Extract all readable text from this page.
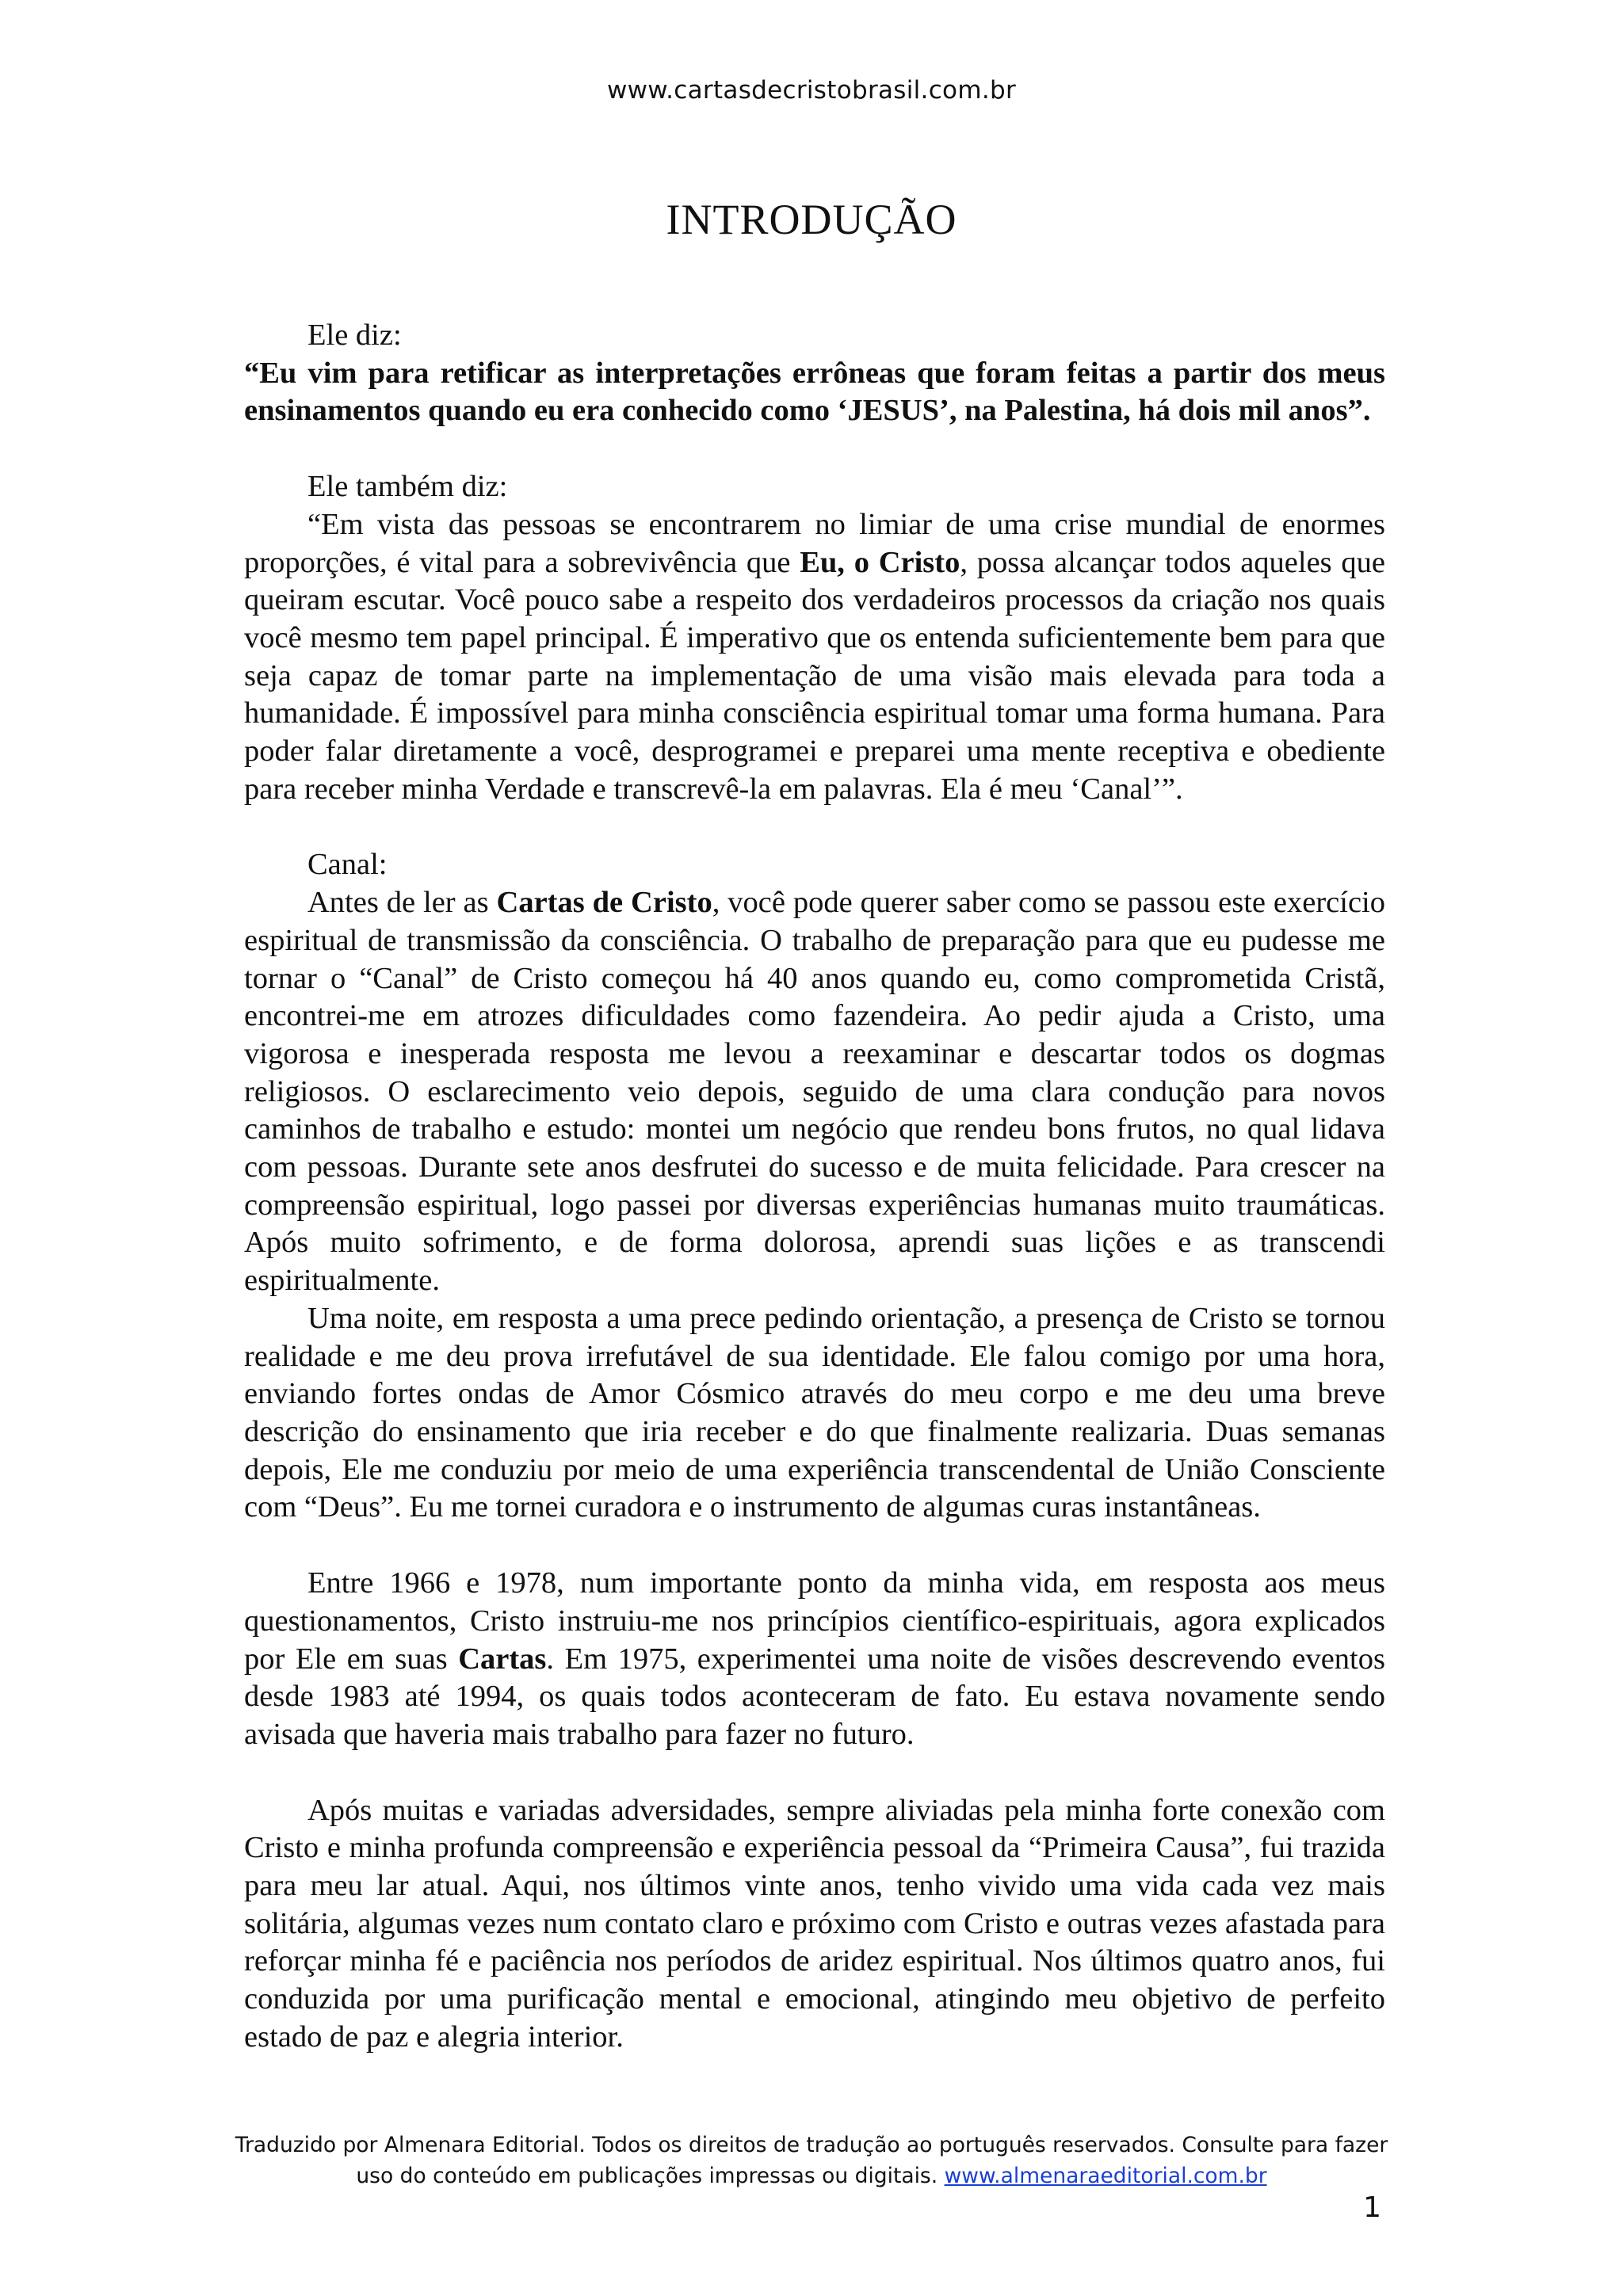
www.cartasdecristobrasil.com.br
INTRODUÇÃO

Ele diz:

“Eu vim para retificar as interpretações errôneas que foram feitas a partir dos meus ensinamentos quando eu era conhecido como ‘JESUS’, na Palestina, há dois mil anos”.

Ele também diz:

“Em vista das pessoas se encontrarem no limiar de uma crise mundial de enormes proporções, é vital para a sobrevivência que Eu, o Cristo, possa alcançar todos aqueles que queiram escutar. Você pouco sabe a respeito dos verdadeiros processos da criação nos quais você mesmo tem papel principal. É imperativo que os entenda suficientemente bem para que seja capaz de tomar parte na implementação de uma visão mais elevada para toda a humanidade. É impossível para minha consciência espiritual tomar uma forma humana. Para poder falar diretamente a você, desprogramei e preparei uma mente receptiva e obediente para receber minha Verdade e transcrevê-la em palavras. Ela é meu ‘Canal’”.

Canal:

Antes de ler as Cartas de Cristo, você pode querer saber como se passou este exercício espiritual de transmissão da consciência. O trabalho de preparação para que eu pudesse me tornar o “Canal” de Cristo começou há 40 anos quando eu, como comprometida Cristã, encontrei-me em atrozes dificuldades como fazendeira. Ao pedir ajuda a Cristo, uma vigorosa e inesperada resposta me levou a reexaminar e descartar todos os dogmas religiosos. O esclarecimento veio depois, seguido de uma clara condução para novos caminhos de trabalho e estudo: montei um negócio que rendeu bons frutos, no qual lidava com pessoas. Durante sete anos desfrutei do sucesso e de muita felicidade. Para crescer na compreensão espiritual, logo passei por diversas experiências humanas muito traumáticas. Após muito sofrimento, e de forma dolorosa, aprendi suas lições e as transcendi espiritualmente.

Uma noite, em resposta a uma prece pedindo orientação, a presença de Cristo se tornou realidade e me deu prova irrefutável de sua identidade. Ele falou comigo por uma hora, enviando fortes ondas de Amor Cósmico através do meu corpo e me deu uma breve descrição do ensinamento que iria receber e do que finalmente realizaria. Duas semanas depois, Ele me conduziu por meio de uma experiência transcendental de União Consciente com “Deus”. Eu me tornei curadora e o instrumento de algumas curas instantâneas.

Entre 1966 e 1978, num importante ponto da minha vida, em resposta aos meus questionamentos, Cristo instruiu-me nos princípios científico-espirituais, agora explicados por Ele em suas Cartas. Em 1975, experimentei uma noite de visões descrevendo eventos desde 1983 até 1994, os quais todos aconteceram de fato. Eu estava novamente sendo avisada que haveria mais trabalho para fazer no futuro.

Após muitas e variadas adversidades, sempre aliviadas pela minha forte conexão com Cristo e minha profunda compreensão e experiência pessoal da “Primeira Causa”, fui trazida para meu lar atual. Aqui, nos últimos vinte anos, tenho vivido uma vida cada vez mais solitária, algumas vezes num contato claro e próximo com Cristo e outras vezes afastada para reforçar minha fé e paciência nos períodos de aridez espiritual. Nos últimos quatro anos, fui conduzida por uma purificação mental e emocional, atingindo meu objetivo de perfeito estado de paz e alegria interior.

Traduzido por Almenara Editorial. Todos os direitos de tradução ao português reservados. Consulte para fazer
uso do conteúdo em publicações impressas ou digitais. www.almenaraeditorial.com.br
1
